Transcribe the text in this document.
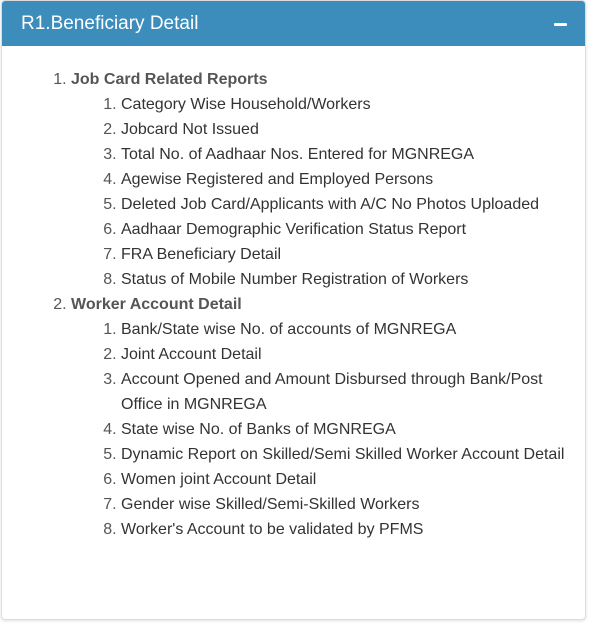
R1.Beneficiary Detail
1. Job Card Related Reports
1. Category Wise Household/Workers
2. Jobcard Not Issued
3. Total No. of Aadhaar Nos. Entered for MGNREGA
4. Agewise Registered and Employed Persons
5. Deleted Job Card/Applicants with A/C No Photos Uploaded
6. Aadhaar Demographic Verification Status Report
7. FRA Beneficiary Detail
8. Status of Mobile Number Registration of Workers
2. Worker Account Detail
1. Bank/State wise No. of accounts of MGNREGA
2. Joint Account Detail
3. Account Opened and Amount Disbursed through Bank/Post Office in MGNREGA
4. State wise No. of Banks of MGNREGA
5. Dynamic Report on Skilled/Semi Skilled Worker Account Detail
6. Women joint Account Detail
7. Gender wise Skilled/Semi-Skilled Workers
8. Worker's Account to be validated by PFMS
